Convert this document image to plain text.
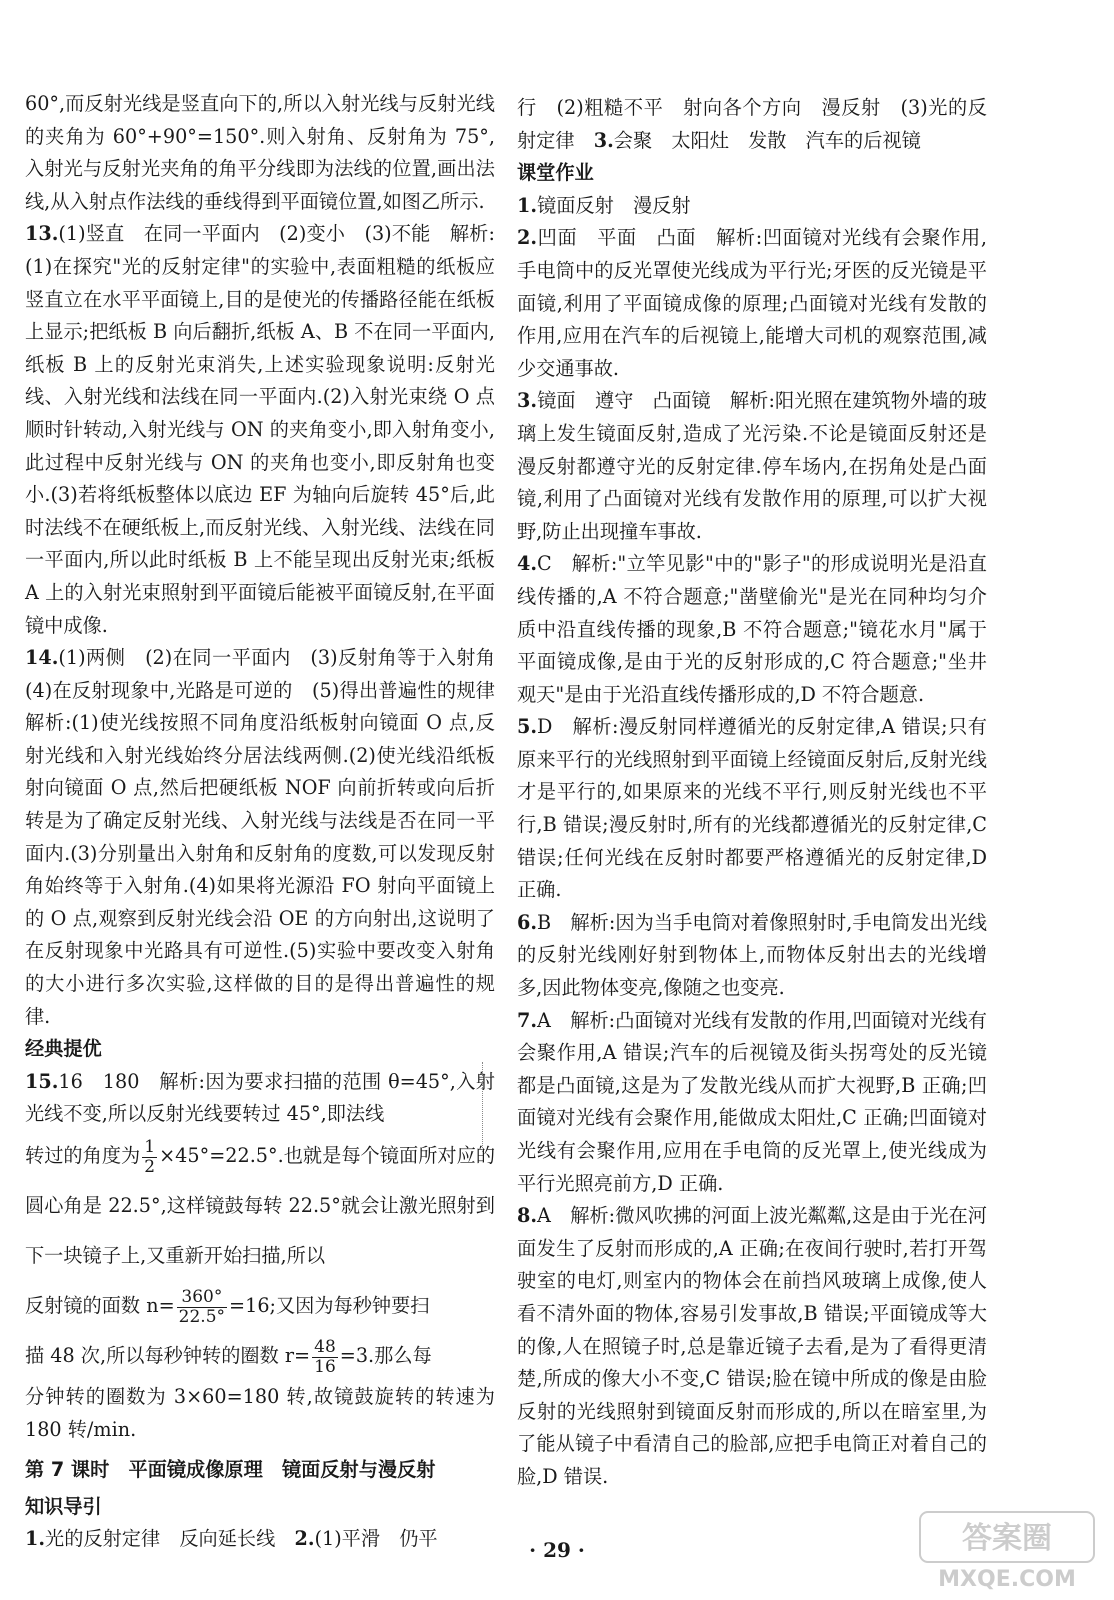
60°,而反射光线是竖直向下的,所以入射光线与反射光线的夹角为 60°+90°=150°.则入射角、反射角为 75°,入射光与反射光夹角的角平分线即为法线的位置,画出法线,从入射点作法线的垂线得到平面镜位置,如图乙所示.

13.(1)竖直　在同一平面内　(2)变小　(3)不能　解析:(1)在探究"光的反射定律"的实验中,表面粗糙的纸板应竖直立在水平平面镜上,目的是使光的传播路径能在纸板上显示;把纸板 B 向后翻折,纸板 A、B 不在同一平面内,纸板 B 上的反射光束消失,上述实验现象说明:反射光线、入射光线和法线在同一平面内.(2)入射光束绕 O 点顺时针转动,入射光线与 ON 的夹角变小,即入射角变小,此过程中反射光线与 ON 的夹角也变小,即反射角也变小.(3)若将纸板整体以底边 EF 为轴向后旋转 45°后,此时法线不在硬纸板上,而反射光线、入射光线、法线在同一平面内,所以此时纸板 B 上不能呈现出反射光束;纸板 A 上的入射光束照射到平面镜后能被平面镜反射,在平面镜中成像.

14.(1)两侧　(2)在同一平面内　(3)反射角等于入射角　(4)在反射现象中,光路是可逆的　(5)得出普遍性的规律　解析:(1)使光线按照不同角度沿纸板射向镜面 O 点,反射光线和入射光线始终分居法线两侧.(2)使光线沿纸板射向镜面 O 点,然后把硬纸板 NOF 向前折转或向后折转是为了确定反射光线、入射光线与法线是否在同一平面内.(3)分别量出入射角和反射角的度数,可以发现反射角始终等于入射角.(4)如果将光源沿 FO 射向平面镜上的 O 点,观察到反射光线会沿 OE 的方向射出,这说明了在反射现象中光路具有可逆性.(5)实验中要改变入射角的大小进行多次实验,这样做的目的是得出普遍性的规律.

经典提优

15.16　180　解析:因为要求扫描的范围 θ=45°,入射光线不变,所以反射光线要转过 45°,即法线

转过的角度为 $\frac{1}{2} \times 45^\circ=22.5^\circ$.也就是每个镜面所对应的圆心角是 22.5°,这样镜鼓每转 22.5°就会让激光照射到下一块镜子上,又重新开始扫描,所以

反射镜的面数 $n= \frac{360^\circ}{22.5^\circ} =16$;又因为每秒钟要扫

描 48 次,所以每秒钟转的圈数 $r= \frac{48}{16} =3$.那么每

分钟转的圈数为 3×60=180 转,故镜鼓旋转的转速为 180 转/min.

第 7 课时　平面镜成像原理　镜面反射与漫反射

知识导引

1.光的反射定律　反向延长线　 2.(1)平滑　仍平

行　(2)粗糙不平　射向各个方向　漫反射　(3)光的反射定律　 3.会聚　太阳灶　发散　汽车的后视镜

课堂作业

1.镜面反射　漫反射

2.凹面　平面　凸面　解析:凹面镜对光线有会聚作用,手电筒中的反光罩使光线成为平行光;牙医的反光镜是平面镜,利用了平面镜成像的原理;凸面镜对光线有发散的作用,应用在汽车的后视镜上,能增大司机的观察范围,减少交通事故.

3.镜面　遵守　凸面镜　解析:阳光照在建筑物外墙的玻璃上发生镜面反射,造成了光污染.不论是镜面反射还是漫反射都遵守光的反射定律.停车场内,在拐角处是凸面镜,利用了凸面镜对光线有发散作用的原理,可以扩大视野,防止出现撞车事故.

4.C　解析:"立竿见影"中的"影子"的形成说明光是沿直线传播的,A 不符合题意;"凿壁偷光"是光在同种均匀介质中沿直线传播的现象,B 不符合题意;"镜花水月"属于平面镜成像,是由于光的反射形成的,C 符合题意;"坐井观天"是由于光沿直线传播形成的,D 不符合题意.

5.D　解析:漫反射同样遵循光的反射定律,A 错误;只有原来平行的光线照射到平面镜上经镜面反射后,反射光线才是平行的,如果原来的光线不平行,则反射光线也不平行,B 错误;漫反射时,所有的光线都遵循光的反射定律,C 错误;任何光线在反射时都要严格遵循光的反射定律,D 正确.

6.B　解析:因为当手电筒对着像照射时,手电筒发出光线的反射光线刚好射到物体上,而物体反射出去的光线增多,因此物体变亮,像随之也变亮.

7.A　解析:凸面镜对光线有发散的作用,凹面镜对光线有会聚作用,A 错误;汽车的后视镜及街头拐弯处的反光镜都是凸面镜,这是为了发散光线从而扩大视野,B 正确;凹面镜对光线有会聚作用,能做成太阳灶,C 正确;凹面镜对光线有会聚作用,应用在手电筒的反光罩上,使光线成为平行光照亮前方,D 正确.

8.A　解析:微风吹拂的河面上波光粼粼,这是由于光在河面发生了反射而形成的,A 正确;在夜间行驶时,若打开驾驶室的电灯,则室内的物体会在前挡风玻璃上成像,使人看不清外面的物体,容易引发事故,B 错误;平面镜成等大的像,人在照镜子时,总是靠近镜子去看,是为了看得更清楚,所成的像大小不变,C 错误;脸在镜中所成的像是由脸反射的光线照射到镜面反射而形成的,所以在暗室里,为了能从镜子中看清自己的脸部,应把手电筒正对着自己的脸,D 错误.

· 29 ·	答案圈
MXQE.COM
